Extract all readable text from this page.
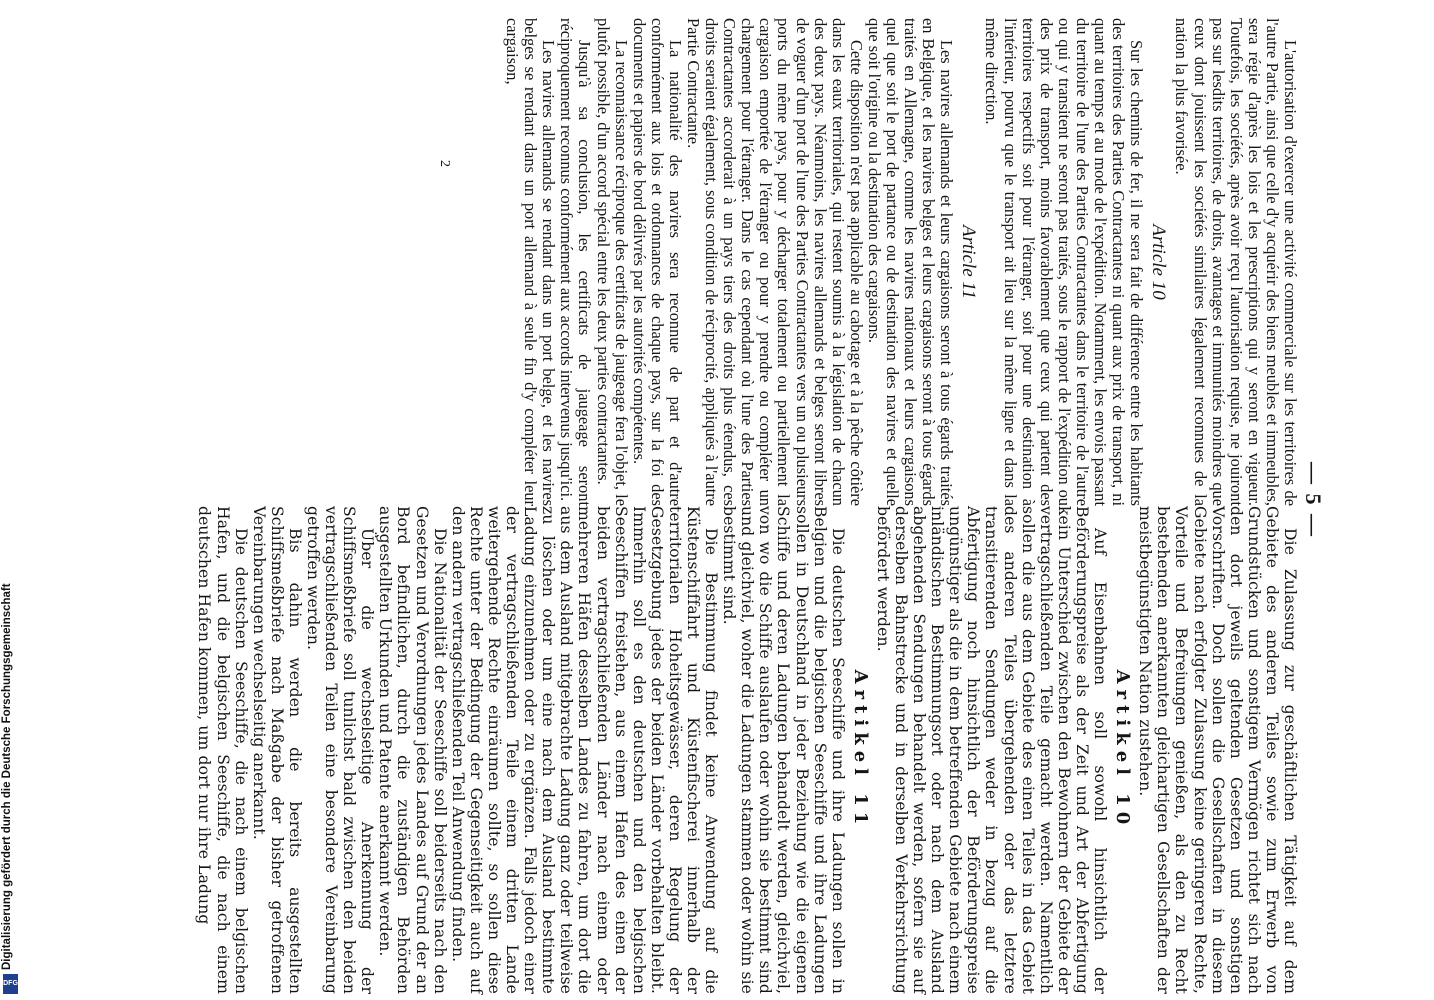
— 5 —

L'autorisation d'exercer une activité commerciale sur les territoires de l'autre Partie, ainsi que celle d'y acquérir des biens meubles et immeubles, sera régie d'après les lois et les prescriptions qui y seront en vigueur. Toutefois, les sociétés, après avoir reçu l'autorisation requise, ne jouiront pas sur lesdits territoires, de droits, avantages et immunités moindres que ceux dont jouissent les sociétés similaires légalement reconnues de la nation la plus favorisée.

Article 10

Sur les chemins de fer, il ne sera fait de différence entre les habitants des territoires des Parties Contractantes ni quant aux prix de transport, ni quant au temps et au mode de l'expédition. Notamment, les envois passant du territoire de l'une des Parties Contractantes dans le territoire de l'autre ou qui y transitent ne seront pas traités, sous le rapport de l'expédition ou des prix de transport, moins favorablement que ceux qui partent des territoires respectifs soit pour l'étranger, soit pour une destination à l'intérieur, pourvu que le transport ait lieu sur la même ligne et dans la même direction.

Article 11

Les navires allemands et leurs cargaisons seront à tous égards traités en Belgique, et les navires belges et leurs cargaisons seront à tous égards traités en Allemagne, comme les navires nationaux et leurs cargaisons quel que soit le port de partance ou de destination des navires et quelle que soit l'origine ou la destination des cargaisons.

Cette disposition n'est pas applicable au cabotage et à la pêche côtière dans les eaux territoriales, qui restent soumis à la législation de chacun des deux pays. Néanmoins, les navires allemands et belges seront libres de voguer d'un port de l'une des Parties Contractantes vers un ou plusieurs ports du même pays, pour y décharger totalement ou partiellement la cargaison emportée de l'étranger ou pour y prendre ou compléter un chargement pour l'étranger. Dans le cas cependant où l'une des Parties Contractantes accorderait à un pays tiers des droits plus étendus, ces droits seraient également, sous condition de réciprocité, appliqués à l'autre Partie Contractante.

La nationalité des navires sera reconnue de part et d'autre conformément aux lois et ordonnances de chaque pays, sur la foi des documents et papiers de bord délivrés par les autorités compétentes.

La reconnaissance réciproque des certificats de jaugeage fera l'objet, le plutôt possible, d'un accord spécial entre les deux parties contractantes.

Jusqu'à sa conclusion, les certificats de jaugeage seront réciproquement reconnus conformément aux accords intervenus jusqu'ici.

Les navires allemands se rendant dans un port belge, et les navires belges se rendant dans un port allemand à seule fin d'y compléter leur cargaison,

Die Zulassung zur geschäftlichen Tätigkeit auf dem Gebiete des anderen Teiles sowie zum Erwerb von Grundstücken und sonstigem Vermögen richtet sich nach den dort jeweils geltenden Gesetzen und sonstigen Vorschriften. Doch sollen die Gesellschaften in diesem Gebiete nach erfolgter Zulassung keine geringeren Rechte, Vorteile und Befreiungen genießen, als den zu Recht bestehenden anerkannten gleichartigen Gesellschaften der meistbegünstigten Nation zustehen.

Artikel 10

Auf Eisenbahnen soll sowohl hinsichtlich der Beförderungspreise als der Zeit und Art der Abfertigung kein Unterschied zwischen den Bewohnern der Gebiete der vertragschließenden Teile gemacht werden. Namentlich sollen die aus dem Gebiete des einen Teiles in das Gebiet des anderen Teiles übergehenden oder das letztere transitierenden Sendungen weder in bezug auf die Abfertigung noch hinsichtlich der Beförderungspreise ungünstiger als die in dem betreffenden Gebiete nach einem inländischen Bestimmungsort oder nach dem Ausland abgehenden Sendungen behandelt werden, sofern sie auf derselben Bahnstrecke und in derselben Verkehrsrichtung befördert werden.

Artikel 11

Die deutschen Seeschiffe und ihre Ladungen sollen in Belgien und die belgischen Seeschiffe und ihre Ladungen sollen in Deutschland in jeder Beziehung wie die eigenen Schiffe und deren Ladungen behandelt werden, gleichviel, von wo die Schiffe auslaufen oder wohin sie bestimmt sind und gleichviel, woher die Ladungen stammen oder wohin sie bestimmt sind.

Die Bestimmung findet keine Anwendung auf die Küstenschiffahrt und Küstenfischerei innerhalb der territorialen Hoheitsgewässer, deren Regelung der Gesetzgebung jedes der beiden Länder vorbehalten bleibt. Immerhin soll es den deutschen und den belgischen Seeschiffen freistehen, aus einem Hafen des einen der beiden vertragschließenden Länder nach einem oder mehreren Häfen desselben Landes zu fahren, um dort die aus dem Ausland mitgebrachte Ladung ganz oder teilweise zu löschen oder um eine nach dem Ausland bestimmte Ladung einzunehmen oder zu ergänzen. Falls jedoch einer der vertragschließenden Teile einem dritten Lande weitergehende Rechte einräumen sollte, so sollen diese Rechte unter der Bedingung der Gegenseitigkeit auch auf den andern vertragschließenden Teil Anwendung finden.

Die Nationalität der Seeschiffe soll beiderseits nach den Gesetzen und Verordnungen jedes Landes auf Grund der an Bord befindlichen, durch die zuständigen Behörden ausgestellten Urkunden und Patente anerkannt werden.

Über die wechselseitige Anerkennung der Schiffsmeßbriefe soll tunlichst bald zwischen den beiden vertragschließenden Teilen eine besondere Vereinbarung getroffen werden.

Bis dahin werden die bereits ausgestellten Schiffsmeßbriefe nach Maßgabe der bisher getroffenen Vereinbarungen wechselseitig anerkannt.

Die deutschen Seeschiffe, die nach einem belgischen Hafen, und die belgischen Seeschiffe, die nach einem deutschen Hafen kommen, um dort nur ihre Ladung

2
Digitalisierung gefördert durch die Deutsche Forschungsgemeinschaft
DFG
